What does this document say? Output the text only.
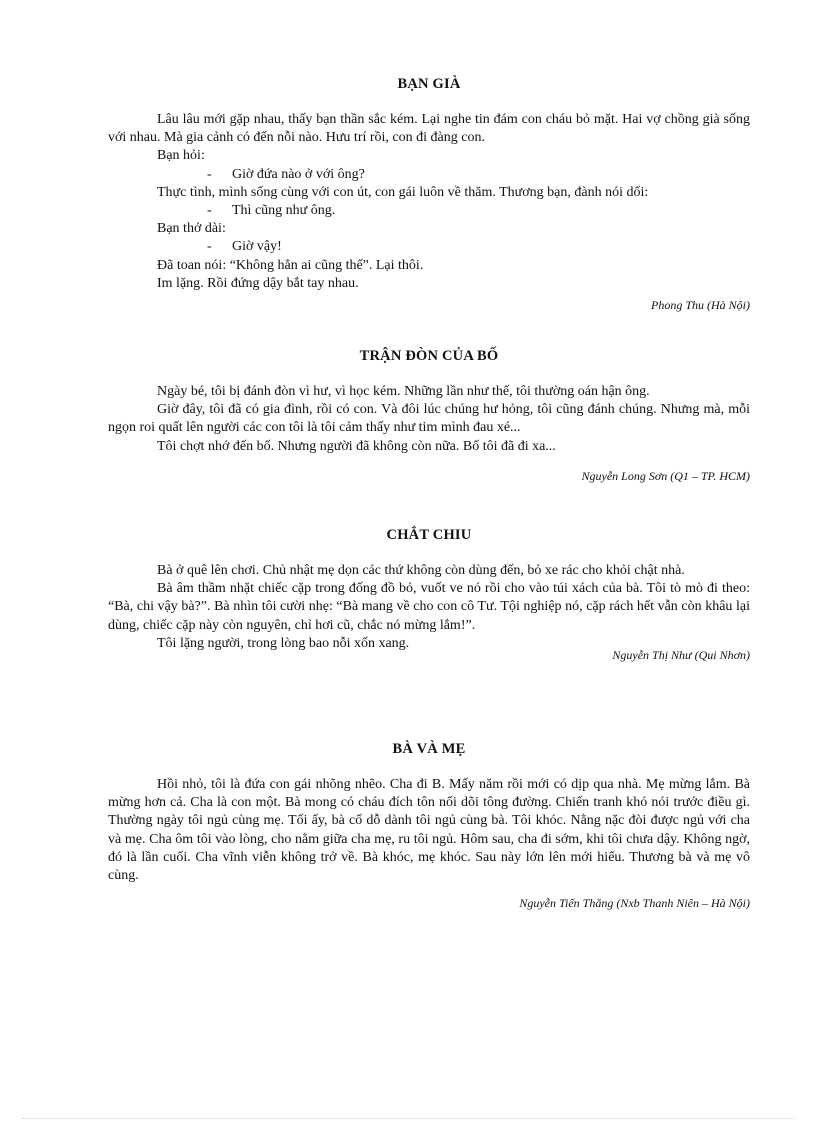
BẠN GIÀ

Lâu lâu mới gặp nhau, thấy bạn thần sắc kém. Lại nghe tin đám con cháu bỏ mặt. Hai vợ chồng già sống với nhau. Mà gia cảnh có đến nỗi nào. Hưu trí rồi, con đi đàng con.

Bạn hỏi:

- Giờ đứa nào ở với ông?

Thực tình, mình sống cùng với con út, con gái luôn về thăm. Thương bạn, đành nói dối:

- Thì cũng như ông.

Bạn thở dài:

- Giờ vậy!

Đã toan nói: “Không hẳn ai cũng thế”. Lại thôi.

Im lặng. Rồi đứng dậy bắt tay nhau.

Phong Thu (Hà Nội)

TRẬN ĐÒN CỦA BỐ

Ngày bé, tôi bị đánh đòn vì hư, vì học kém. Những lần như thế, tôi thường oán hận ông.

Giờ đây, tôi đã có gia đình, rồi có con. Và đôi lúc chúng hư hỏng, tôi cũng đánh chúng. Nhưng mà, mỗi ngọn roi quất lên người các con tôi là tôi cảm thấy như tim mình đau xé...

Tôi chợt nhớ đến bố. Nhưng người đã không còn nữa. Bố tôi đã đi xa...

Nguyễn Long Sơn (Q1 – TP. HCM)

CHẮT CHIU

Bà ở quê lên chơi. Chủ nhật mẹ dọn các thứ không còn dùng đến, bỏ xe rác cho khỏi chật nhà.

Bà âm thầm nhặt chiếc cặp trong đống đồ bỏ, vuốt ve nó rồi cho vào túi xách của bà. Tôi tò mò đi theo: “Bà, chi vậy bà?”. Bà nhìn tôi cười nhẹ: “Bà mang về cho con cô Tư. Tội nghiệp nó, cặp rách hết vẫn còn khâu lại dùng, chiếc cặp này còn nguyên, chỉ hơi cũ, chắc nó mừng lắm!”.

Tôi lặng người, trong lòng bao nỗi xốn xang.

Nguyễn Thị Như (Qui Nhơn)

BÀ VÀ MẸ

Hồi nhỏ, tôi là đứa con gái nhõng nhẽo. Cha đi B. Mấy năm rồi mới có dịp qua nhà. Mẹ mừng lắm. Bà mừng hơn cả. Cha là con một. Bà mong có cháu đích tôn nối dõi tông đường. Chiến tranh khó nói trước điều gì. Thường ngày tôi ngủ cùng mẹ. Tối ấy, bà cố dỗ dành tôi ngủ cùng bà. Tôi khóc. Nằng nặc đòi được ngủ với cha và mẹ. Cha ôm tôi vào lòng, cho nằm giữa cha mẹ, ru tôi ngủ. Hôm sau, cha đi sớm, khi tôi chưa dậy. Không ngờ, đó là lần cuối. Cha vĩnh viễn không trở về. Bà khóc, mẹ khóc. Sau này lớn lên mới hiểu. Thương bà và mẹ vô cùng.

Nguyễn Tiến Thăng (Nxb Thanh Niên – Hà Nội)
